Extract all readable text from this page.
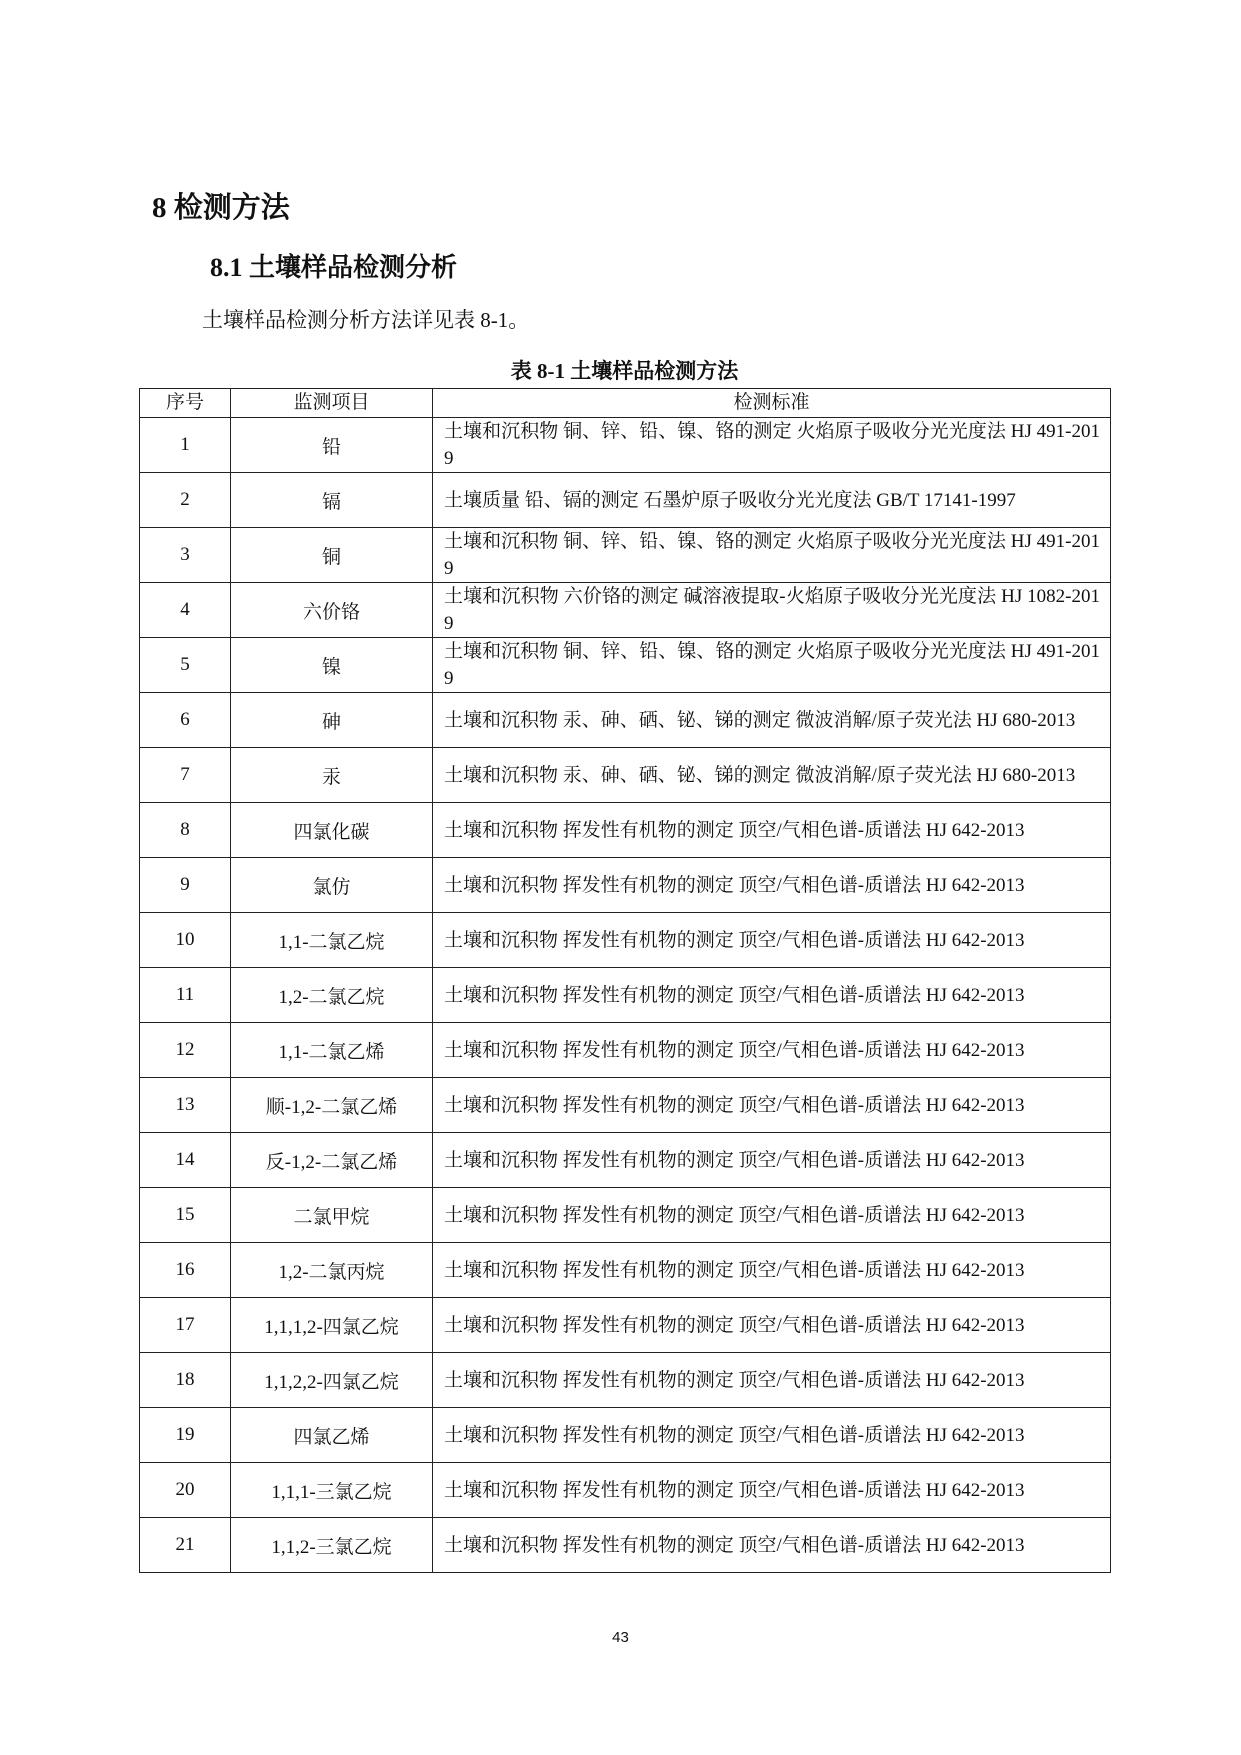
8 检测方法
8.1 土壤样品检测分析
土壤样品检测分析方法详见表 8-1。
表 8-1 土壤样品检测方法
序号	监测项目	检测标准
1	铅	土壤和沉积物 铜、锌、铅、镍、铬的测定 火焰原子吸收分光光度法 HJ 491-2019
2	镉	土壤质量 铅、镉的测定 石墨炉原子吸收分光光度法 GB/T 17141-1997
3	铜	土壤和沉积物 铜、锌、铅、镍、铬的测定 火焰原子吸收分光光度法 HJ 491-2019
4	六价铬	土壤和沉积物 六价铬的测定 碱溶液提取-火焰原子吸收分光光度法 HJ 1082-2019
5	镍	土壤和沉积物 铜、锌、铅、镍、铬的测定 火焰原子吸收分光光度法 HJ 491-2019
6	砷	土壤和沉积物 汞、砷、硒、铋、锑的测定 微波消解/原子荧光法 HJ 680-2013
7	汞	土壤和沉积物 汞、砷、硒、铋、锑的测定 微波消解/原子荧光法 HJ 680-2013
8	四氯化碳	土壤和沉积物 挥发性有机物的测定 顶空/气相色谱-质谱法 HJ 642-2013
9	氯仿	土壤和沉积物 挥发性有机物的测定 顶空/气相色谱-质谱法 HJ 642-2013
10	1,1-二氯乙烷	土壤和沉积物 挥发性有机物的测定 顶空/气相色谱-质谱法 HJ 642-2013
11	1,2-二氯乙烷	土壤和沉积物 挥发性有机物的测定 顶空/气相色谱-质谱法 HJ 642-2013
12	1,1-二氯乙烯	土壤和沉积物 挥发性有机物的测定 顶空/气相色谱-质谱法 HJ 642-2013
13	顺-1,2-二氯乙烯	土壤和沉积物 挥发性有机物的测定 顶空/气相色谱-质谱法 HJ 642-2013
14	反-1,2-二氯乙烯	土壤和沉积物 挥发性有机物的测定 顶空/气相色谱-质谱法 HJ 642-2013
15	二氯甲烷	土壤和沉积物 挥发性有机物的测定 顶空/气相色谱-质谱法 HJ 642-2013
16	1,2-二氯丙烷	土壤和沉积物 挥发性有机物的测定 顶空/气相色谱-质谱法 HJ 642-2013
17	1,1,1,2-四氯乙烷	土壤和沉积物 挥发性有机物的测定 顶空/气相色谱-质谱法 HJ 642-2013
18	1,1,2,2-四氯乙烷	土壤和沉积物 挥发性有机物的测定 顶空/气相色谱-质谱法 HJ 642-2013
19	四氯乙烯	土壤和沉积物 挥发性有机物的测定 顶空/气相色谱-质谱法 HJ 642-2013
20	1,1,1-三氯乙烷	土壤和沉积物 挥发性有机物的测定 顶空/气相色谱-质谱法 HJ 642-2013
21	1,1,2-三氯乙烷	土壤和沉积物 挥发性有机物的测定 顶空/气相色谱-质谱法 HJ 642-2013
43
